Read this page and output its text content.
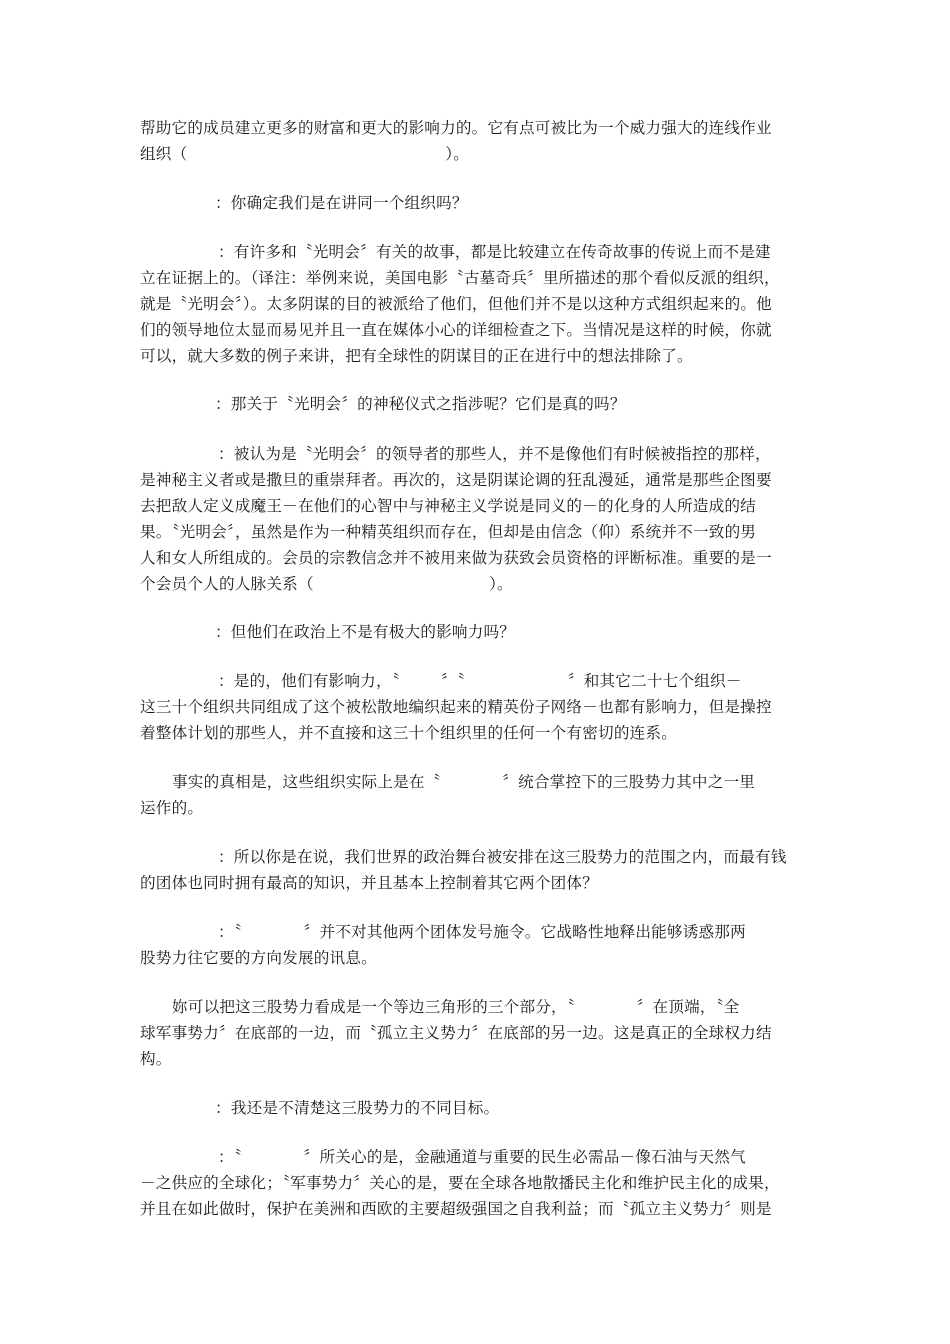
帮助它的成员建立更多的财富和更大的影响力的。它有点可被比为一个威力强大的连线作业
组织（                                                  ）。
：你确定我们是在讲同一个组织吗？
：有许多和〝光明会〞有关的故事，都是比较建立在传奇故事的传说上而不是建
立在证据上的。（译注：举例来说，美国电影〝古墓奇兵〞里所描述的那个看似反派的组织，
就是〝光明会〞）。太多阴谋的目的被派给了他们，但他们并不是以这种方式组织起来的。他
们的领导地位太显而易见并且一直在媒体小心的详细检查之下。当情况是这样的时候，你就
可以，就大多数的例子来讲，把有全球性的阴谋目的正在进行中的想法排除了。
：那关于〝光明会〞的神秘仪式之指涉呢？它们是真的吗？
：被认为是〝光明会〞的领导者的那些人，并不是像他们有时候被指控的那样，
是神秘主义者或是撒旦的重崇拜者。再次的，这是阴谋论调的狂乱漫延，通常是那些企图要
去把敌人定义成魔王－在他们的心智中与神秘主义学说是同义的－的化身的人所造成的结
果。〝光明会〞，虽然是作为一种精英组织而存在，但却是由信念（仰）系统并不一致的男
人和女人所组成的。会员的宗教信念并不被用来做为获致会员资格的评断标准。重要的是一
个会员个人的人脉关系（                                  ）。
：但他们在政治上不是有极大的影响力吗？
：是的，他们有影响力，〝        〞〝                    〞和其它二十七个组织－
这三十个组织共同组成了这个被松散地编织起来的精英份子网络－也都有影响力，但是操控
着整体计划的那些人，并不直接和这三十个组织里的任何一个有密切的连系。
事实的真相是，这些组织实际上是在〝            〞统合掌控下的三股势力其中之一里
运作的。
：所以你是在说，我们世界的政治舞台被安排在这三股势力的范围之内，而最有钱
的团体也同时拥有最高的知识，并且基本上控制着其它两个团体？
：〝            〞并不对其他两个团体发号施令。它战略性地释出能够诱惑那两
股势力往它要的方向发展的讯息。
妳可以把这三股势力看成是一个等边三角形的三个部分，〝            〞在顶端，〝全
球军事势力〞在底部的一边，而〝孤立主义势力〞在底部的另一边。这是真正的全球权力结
构。
：我还是不清楚这三股势力的不同目标。
：〝            〞所关心的是，金融通道与重要的民生必需品－像石油与天然气
－之供应的全球化；〝军事势力〞关心的是，要在全球各地散播民主化和维护民主化的成果，
并且在如此做时，保护在美洲和西欧的主要超级强国之自我利益；而〝孤立主义势力〞则是
